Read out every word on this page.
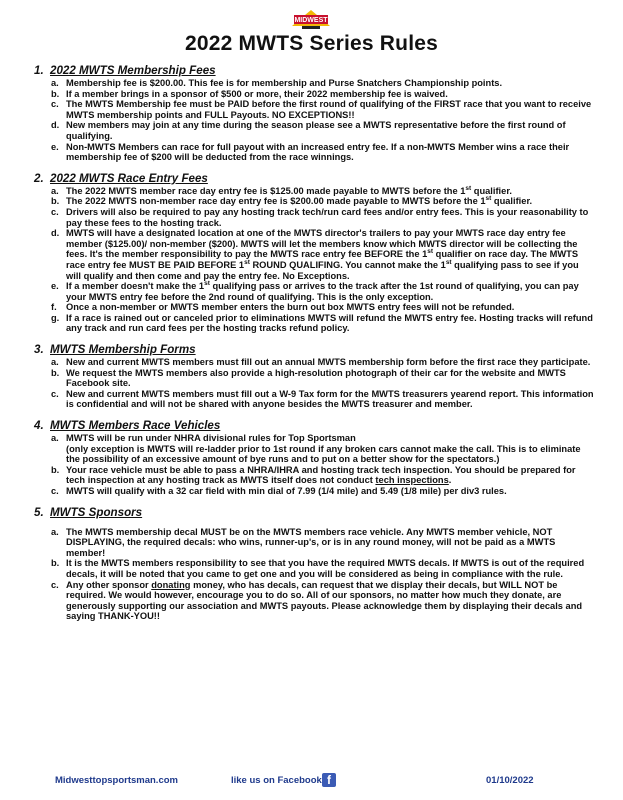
MIDWEST
2022 MWTS Series Rules
1. 2022 MWTS Membership Fees
a. Membership fee is $200.00. This fee is for membership and Purse Snatchers Championship points.
b. If a member brings in a sponsor of $500 or more, their 2022 membership fee is waived.
c. The MWTS Membership fee must be PAID before the first round of qualifying of the FIRST race that you want to receive MWTS membership points and FULL Payouts. NO EXCEPTIONS!!
d. New members may join at any time during the season please see a MWTS representative before the first round of qualifying.
e. Non-MWTS Members can race for full payout with an increased entry fee. If a non-MWTS Member wins a race their membership fee of $200 will be deducted from the race winnings.
2. 2022 MWTS Race Entry Fees
a. The 2022 MWTS member race day entry fee is $125.00 made payable to MWTS before the 1st qualifier.
b. The 2022 MWTS non-member race day entry fee is $200.00 made payable to MWTS before the 1st qualifier.
c. Drivers will also be required to pay any hosting track tech/run card fees and/or entry fees. This is your reasonability to pay these fees to the hosting track.
d. MWTS will have a designated location at one of the MWTS director's trailers to pay your MWTS race day entry fee member ($125.00)/ non-member ($200). MWTS will let the members know which MWTS director will be collecting the fees. It's the member responsibility to pay the MWTS race entry fee BEFORE the 1st qualifier on race day. The MWTS race entry fee MUST BE PAID BEFORE 1st ROUND QUALIFING. You cannot make the 1st qualifying pass to see if you will qualify and then come and pay the entry fee. No Exceptions.
e. If a member doesn't make the 1st qualifying pass or arrives to the track after the 1st round of qualifying, you can pay your MWTS entry fee before the 2nd round of qualifying. This is the only exception.
f.	Once a non-member or MWTS member enters the burn out box MWTS entry fees will not be refunded.
g. If a race is rained out or canceled prior to eliminations MWTS will refund the MWTS entry fee. Hosting tracks will refund any track and run card fees per the hosting tracks refund policy.
3. MWTS Membership Forms
a. New and current MWTS members must fill out an annual MWTS membership form before the first race they participate.
b. We request the MWTS members also provide a high-resolution photograph of their car for the website and MWTS Facebook site.
c. New and current MWTS members must fill out a W-9 Tax form for the MWTS treasurers yearend report. This information is confidential and will not be shared with anyone besides the MWTS treasurer and member.
4. MWTS Members Race Vehicles
a. MWTS will be run under NHRA divisional rules for Top Sportsman
(only exception is MWTS will re-ladder prior to 1st round if any broken cars cannot make the call. This is to eliminate the possibility of an excessive amount of bye runs and to put on a better show for the spectators.)
b. Your race vehicle must be able to pass a NHRA/IHRA and hosting track tech inspection. You should be prepared for tech inspection at any hosting track as MWTS itself does not conduct tech inspections.
c. MWTS will qualify with a 32 car field with min dial of 7.99 (1/4 mile) and 5.49 (1/8 mile) per div3 rules.
5. MWTS Sponsors
a. The MWTS membership decal MUST be on the MWTS members race vehicle. Any MWTS member vehicle, NOT DISPLAYING, the required decals: who wins, runner-up's, or is in any round money, will not be paid as a MWTS member!
b. It is the MWTS members responsibility to see that you have the required MWTS decals. If MWTS is out of the required decals, it will be noted that you came to get one and you will be considered as being in compliance with the rule.
c. Any other sponsor donating money, who has decals, can request that we display their decals, but WILL NOT be required. We would however, encourage you to do so. All of our sponsors, no matter how much they donate, are generously supporting our association and MWTS payouts. Please acknowledge them by displaying their decals and saying THANK-YOU!!
Midwesttopsportsman.com	like us on Facebook f	01/10/2022
